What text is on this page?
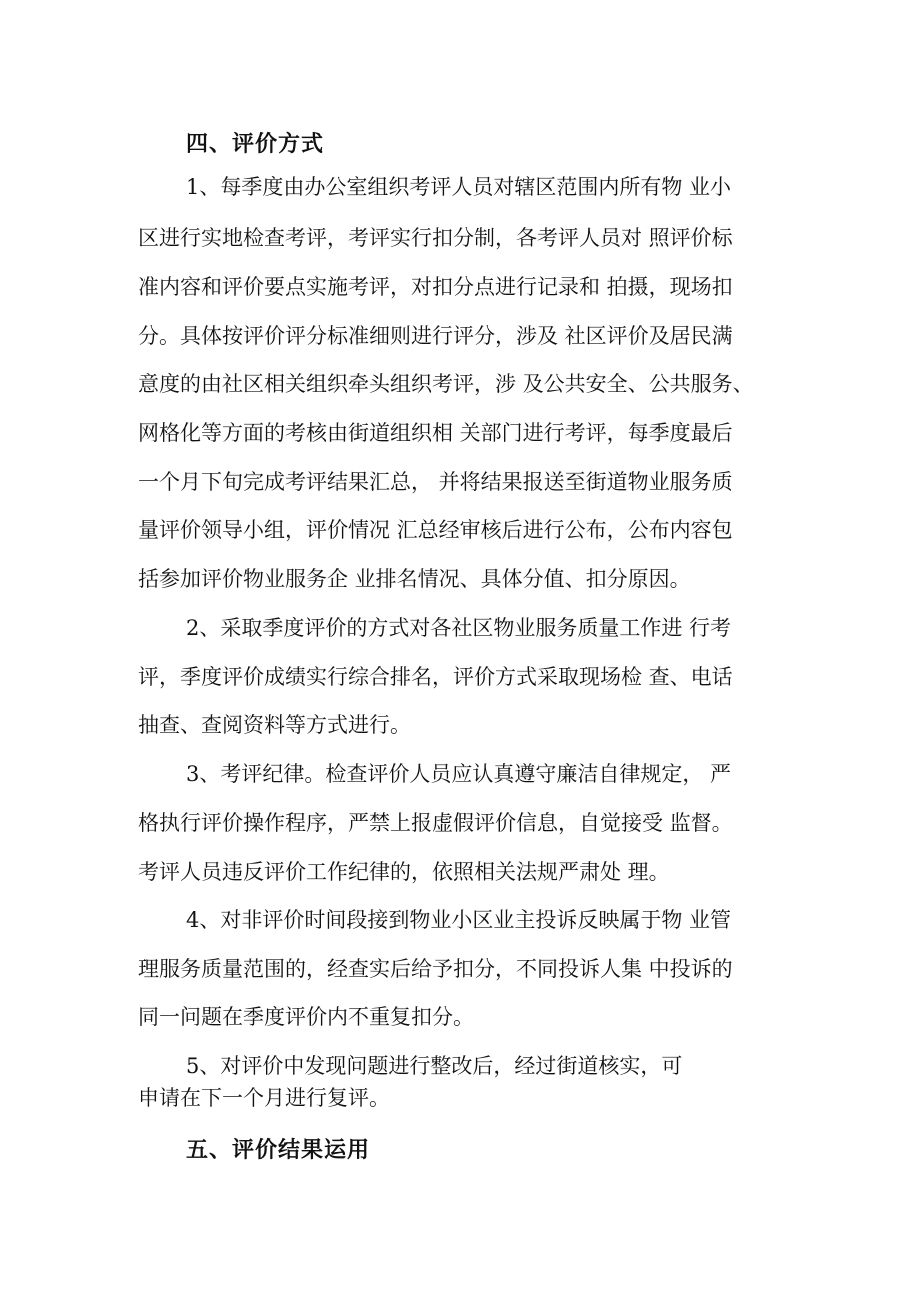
四、评价方式
1、每季度由办公室组织考评人员对辖区范围内所有物 业小
区进行实地检查考评，考评实行扣分制，各考评人员对 照评价标
准内容和评价要点实施考评，对扣分点进行记录和 拍摄，现场扣
分。具体按评价评分标准细则进行评分，涉及 社区评价及居民满
意度的由社区相关组织牵头组织考评，涉 及公共安全、公共服务、
网格化等方面的考核由街道组织相 关部门进行考评，每季度最后
一个月下旬完成考评结果汇总， 并将结果报送至街道物业服务质
量评价领导小组，评价情况 汇总经审核后进行公布，公布内容包
括参加评价物业服务企 业排名情况、具体分值、扣分原因。
2、采取季度评价的方式对各社区物业服务质量工作进 行考
评，季度评价成绩实行综合排名，评价方式采取现场检 查、电话
抽查、查阅资料等方式进行。
3、考评纪律。检查评价人员应认真遵守廉洁自律规定， 严
格执行评价操作程序，严禁上报虚假评价信息，自觉接受 监督。
考评人员违反评价工作纪律的，依照相关法规严肃处 理。
4、对非评价时间段接到物业小区业主投诉反映属于物 业管
理服务质量范围的，经查实后给予扣分，不同投诉人集 中投诉的
同一问题在季度评价内不重复扣分。
5、对评价中发现问题进行整改后，经过街道核实，可
申请在下一个月进行复评。
五、评价结果运用
